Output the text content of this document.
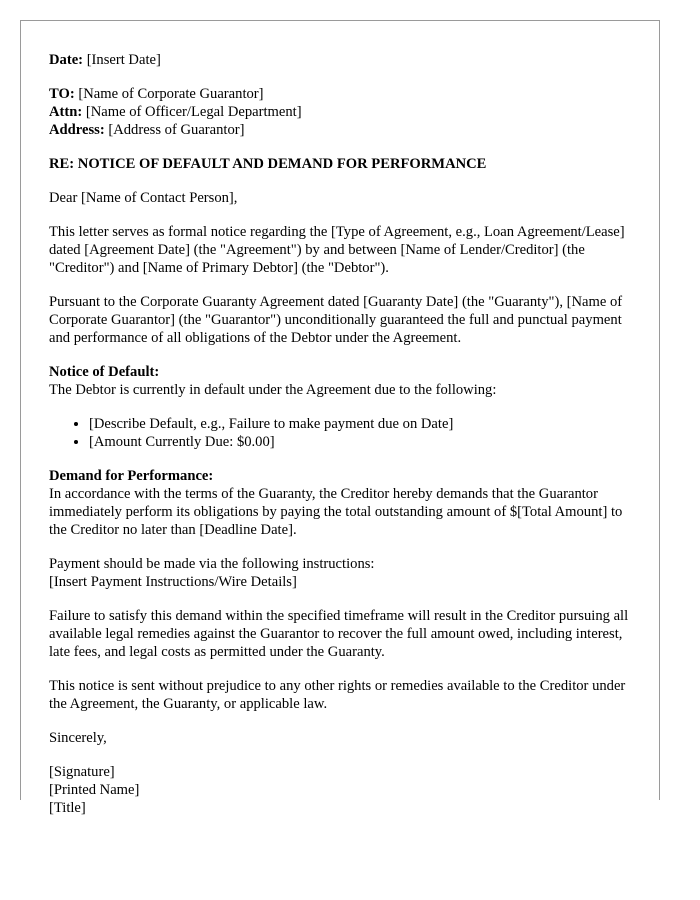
Date: [Insert Date]

TO: [Name of Corporate Guarantor]
Attn: [Name of Officer/Legal Department]
Address: [Address of Guarantor]

RE: NOTICE OF DEFAULT AND DEMAND FOR PERFORMANCE

Dear [Name of Contact Person],

This letter serves as formal notice regarding the [Type of Agreement, e.g., Loan Agreement/Lease] dated [Agreement Date] (the "Agreement") by and between [Name of Lender/Creditor] (the "Creditor") and [Name of Primary Debtor] (the "Debtor").

Pursuant to the Corporate Guaranty Agreement dated [Guaranty Date] (the "Guaranty"), [Name of Corporate Guarantor] (the "Guarantor") unconditionally guaranteed the full and punctual payment and performance of all obligations of the Debtor under the Agreement.

Notice of Default:
The Debtor is currently in default under the Agreement due to the following:
• [Describe Default, e.g., Failure to make payment due on Date]
• [Amount Currently Due: $0.00]

Demand for Performance:
In accordance with the terms of the Guaranty, the Creditor hereby demands that the Guarantor immediately perform its obligations by paying the total outstanding amount of $[Total Amount] to the Creditor no later than [Deadline Date].

Payment should be made via the following instructions:
[Insert Payment Instructions/Wire Details]

Failure to satisfy this demand within the specified timeframe will result in the Creditor pursuing all available legal remedies against the Guarantor to recover the full amount owed, including interest, late fees, and legal costs as permitted under the Guaranty.

This notice is sent without prejudice to any other rights or remedies available to the Creditor under the Agreement, the Guaranty, or applicable law.

Sincerely,

[Signature]
[Printed Name]
[Title]
